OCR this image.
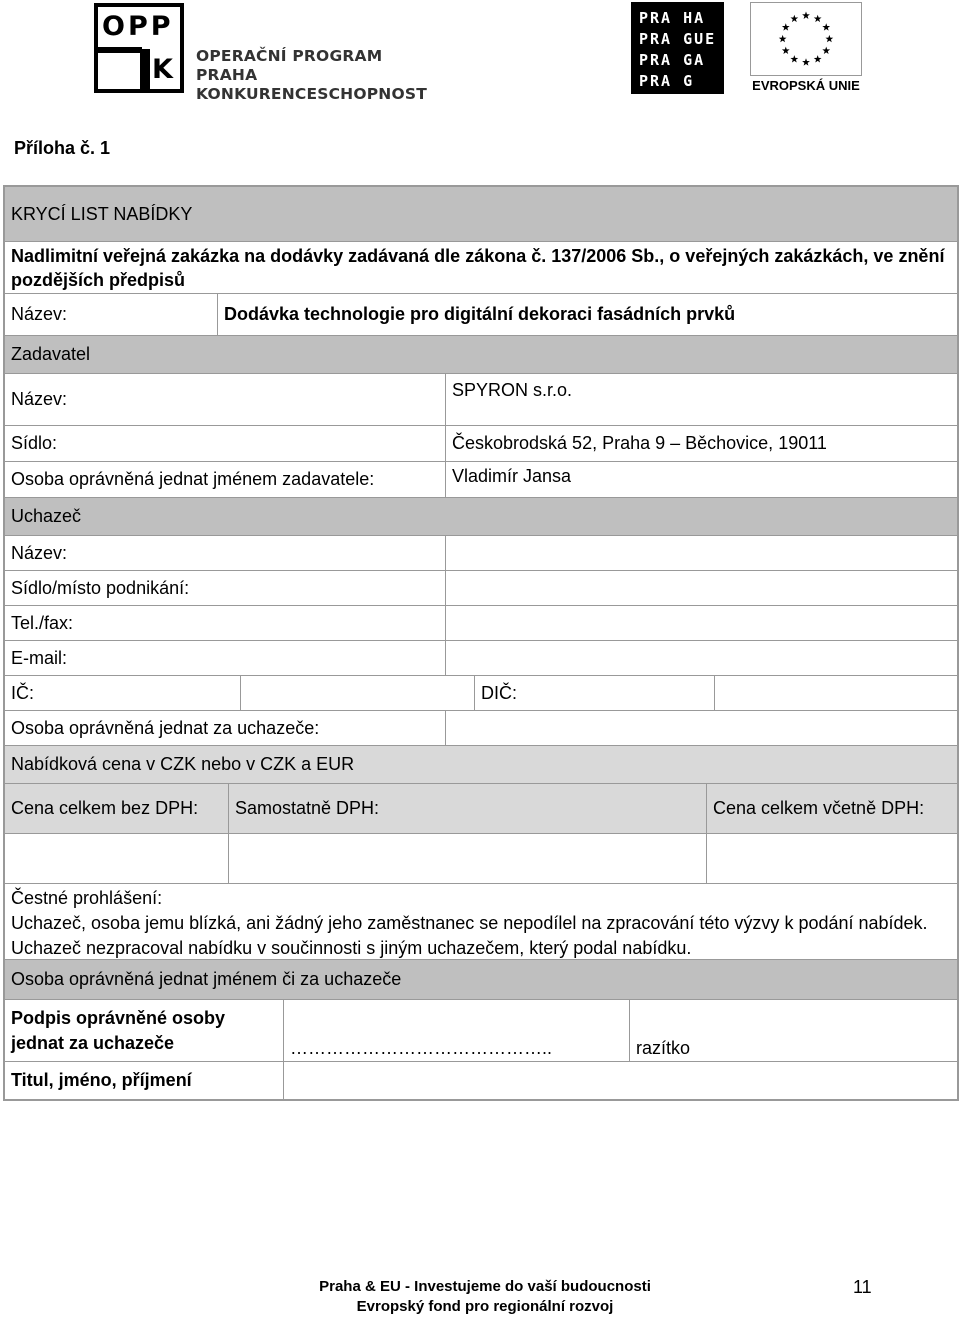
OPP
K OPERAČNÍ PROGRAM PRAHA
KONKURENCESCHOPNOST
PRA HA
PRA GUE
PRA GA
PRA G	EVROPSKÁ UNIE
Příloha č. 1
KRYCÍ LIST NABÍDKY
Nadlimitní veřejná zakázka na dodávky zadávaná dle zákona č. 137/2006 Sb., o veřejných zakázkách, ve znění pozdějších předpisů
Název:	Dodávka technologie pro digitální dekoraci fasádních prvků
Zadavatel
Název:	SPYRON s.r.o.
Sídlo:	Českobrodská 52, Praha 9 – Běchovice, 19011
Osoba oprávněná jednat jménem zadavatele:	Vladimír Jansa
Uchazeč
Název:
Sídlo/místo podnikání:
Tel./fax:
E-mail:
IČ:	DIČ:
Osoba oprávněná jednat za uchazeče:
Nabídková cena v CZK nebo v CZK a EUR
Cena celkem bez DPH:	Samostatně DPH:	Cena celkem včetně DPH:
Čestné prohlášení:
Uchazeč, osoba jemu blízká, ani žádný jeho zaměstnanec se nepodílel na zpracování této výzvy k podání nabídek.
Uchazeč nezpracoval nabídku v součinnosti s jiným uchazečem, který podal nabídku.
Osoba oprávněná jednat jménem či za uchazeče
Podpis oprávněné osoby jednat za uchazeče	……………………………………..	razítko
Titul, jméno, příjmení
Praha & EU - Investujeme do vaší budoucnosti
Evropský fond pro regionální rozvoj
11
